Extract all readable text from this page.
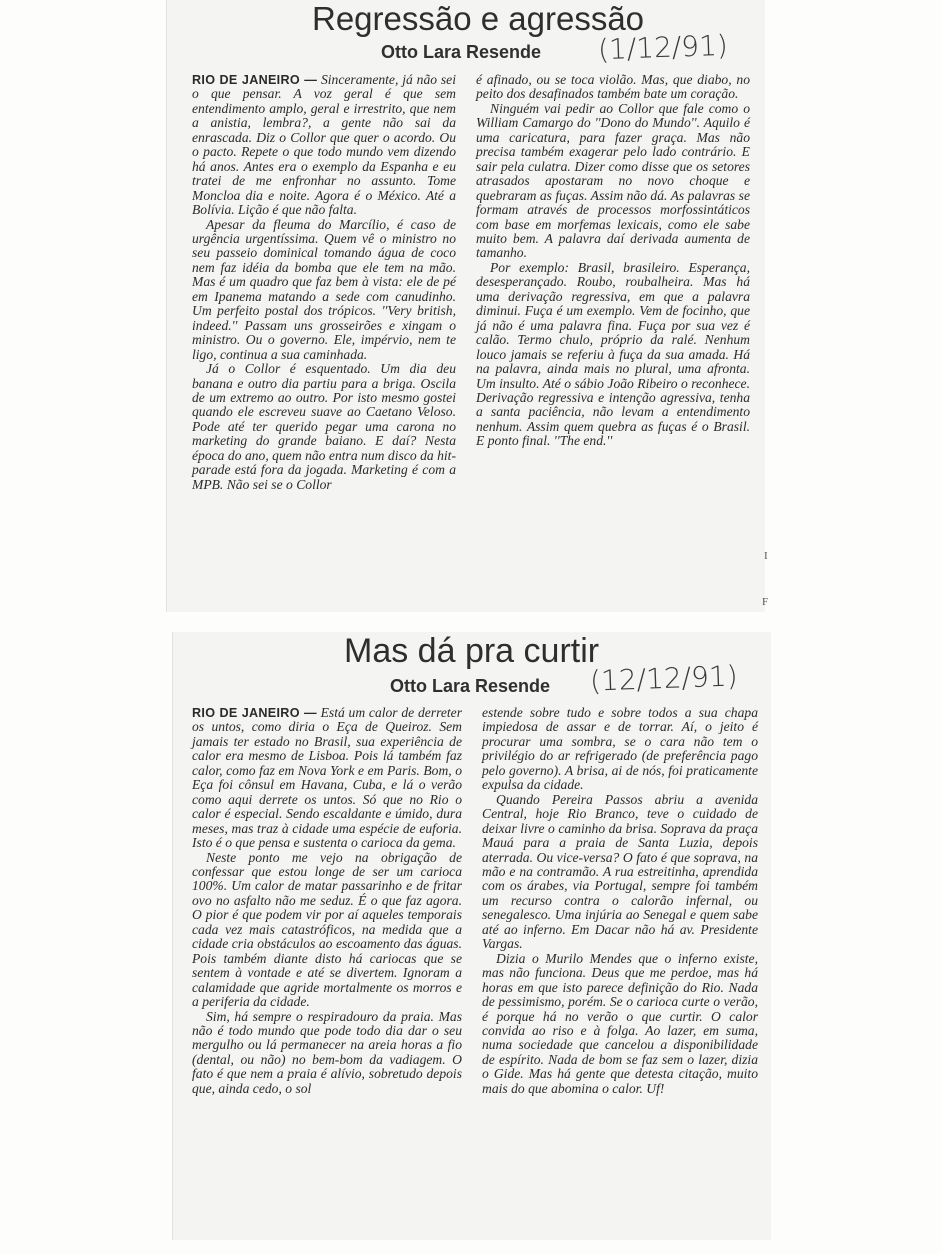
Regressão e agressão
Otto Lara Resende (1/12/91)

RIO DE JANEIRO — Sinceramente, já não sei o que pensar. A voz geral é que sem entendimento amplo, geral e irrestrito, que nem a anistia, lembra?, a gente não sai da enrascada. Diz o Collor que quer o acordo. Ou o pacto. Repete o que todo mundo vem dizendo há anos. Antes era o exemplo da Espanha e eu tratei de me enfronhar no assunto. Tome Moncloa dia e noite. Agora é o México. Até a Bolívia. Lição é que não falta.

Apesar da fleuma do Marcílio, é caso de urgência urgentíssima. Quem vê o ministro no seu passeio dominical tomando água de coco nem faz idéia da bomba que ele tem na mão. Mas é um quadro que faz bem à vista: ele de pé em Ipanema matando a sede com canudinho. Um perfeito postal dos trópicos. ''Very british, indeed.'' Passam uns grosseirões e xingam o ministro. Ou o governo. Ele, impérvio, nem te ligo, continua a sua caminhada.

Já o Collor é esquentado. Um dia deu banana e outro dia partiu para a briga. Oscila de um extremo ao outro. Por isto mesmo gostei quando ele escreveu suave ao Caetano Veloso. Pode até ter querido pegar uma carona no marketing do grande baiano. E daí? Nesta época do ano, quem não entra num disco da hit-parade está fora da jogada. Marketing é com a MPB. Não sei se o Collor

é afinado, ou se toca violão. Mas, que diabo, no peito dos desafinados também bate um coração.

Ninguém vai pedir ao Collor que fale como o William Camargo do ''Dono do Mundo''. Aquilo é uma caricatura, para fazer graça. Mas não precisa também exagerar pelo lado contrário. E sair pela culatra. Dizer como disse que os setores atrasados apostaram no novo choque e quebraram as fuças. Assim não dá. As palavras se formam através de processos morfossintáticos com base em morfemas lexicais, como ele sabe muito bem. A palavra daí derivada aumenta de tamanho.

Por exemplo: Brasil, brasileiro. Esperança, desesperançado. Roubo, roubalheira. Mas há uma derivação regressiva, em que a palavra diminui. Fuça é um exemplo. Vem de focinho, que já não é uma palavra fina. Fuça por sua vez é calão. Termo chulo, próprio da ralé. Nenhum louco jamais se referiu à fuça da sua amada. Há na palavra, ainda mais no plural, uma afronta. Um insulto. Até o sábio João Ribeiro o reconhece. Derivação regressiva e intenção agressiva, tenha a santa paciência, não levam a entendimento nenhum. Assim quem quebra as fuças é o Brasil. E ponto final. ''The end.''

I
F
Mas dá pra curtir
Otto Lara Resende (12/12/91)

RIO DE JANEIRO — Está um calor de derreter os untos, como diria o Eça de Queiroz. Sem jamais ter estado no Brasil, sua experiência de calor era mesmo de Lisboa. Pois lá também faz calor, como faz em Nova York e em Paris. Bom, o Eça foi cônsul em Havana, Cuba, e lá o verão como aqui derrete os untos. Só que no Rio o calor é especial. Sendo escaldante e úmido, dura meses, mas traz à cidade uma espécie de euforia. Isto é o que pensa e sustenta o carioca da gema.

Neste ponto me vejo na obrigação de confessar que estou longe de ser um carioca 100%. Um calor de matar passarinho e de fritar ovo no asfalto não me seduz. É o que faz agora. O pior é que podem vir por aí aqueles temporais cada vez mais catastróficos, na medida que a cidade cria obstáculos ao escoamento das águas. Pois também diante disto há cariocas que se sentem à vontade e até se divertem. Ignoram a calamidade que agride mortalmente os morros e a periferia da cidade.

Sim, há sempre o respiradouro da praia. Mas não é todo mundo que pode todo dia dar o seu mergulho ou lá permanecer na areia horas a fio (dental, ou não) no bem-bom da vadiagem. O fato é que nem a praia é alívio, sobretudo depois que, ainda cedo, o sol

estende sobre tudo e sobre todos a sua chapa impiedosa de assar e de torrar. Aí, o jeito é procurar uma sombra, se o cara não tem o privilégio do ar refrigerado (de preferência pago pelo governo). A brisa, ai de nós, foi praticamente expulsa da cidade.

Quando Pereira Passos abriu a avenida Central, hoje Rio Branco, teve o cuidado de deixar livre o caminho da brisa. Soprava da praça Mauá para a praia de Santa Luzia, depois aterrada. Ou vice-versa? O fato é que soprava, na mão e na contramão. A rua estreitinha, aprendida com os árabes, via Portugal, sempre foi também um recurso contra o calorão infernal, ou senegalesco. Uma injúria ao Senegal e quem sabe até ao inferno. Em Dacar não há av. Presidente Vargas.

Dizia o Murilo Mendes que o inferno existe, mas não funciona. Deus que me perdoe, mas há horas em que isto parece definição do Rio. Nada de pessimismo, porém. Se o carioca curte o verão, é porque há no verão o que curtir. O calor convida ao riso e à folga. Ao lazer, em suma, numa sociedade que cancelou a disponibilidade de espírito. Nada de bom se faz sem o lazer, dizia o Gide. Mas há gente que detesta citação, muito mais do que abomina o calor. Uf!
